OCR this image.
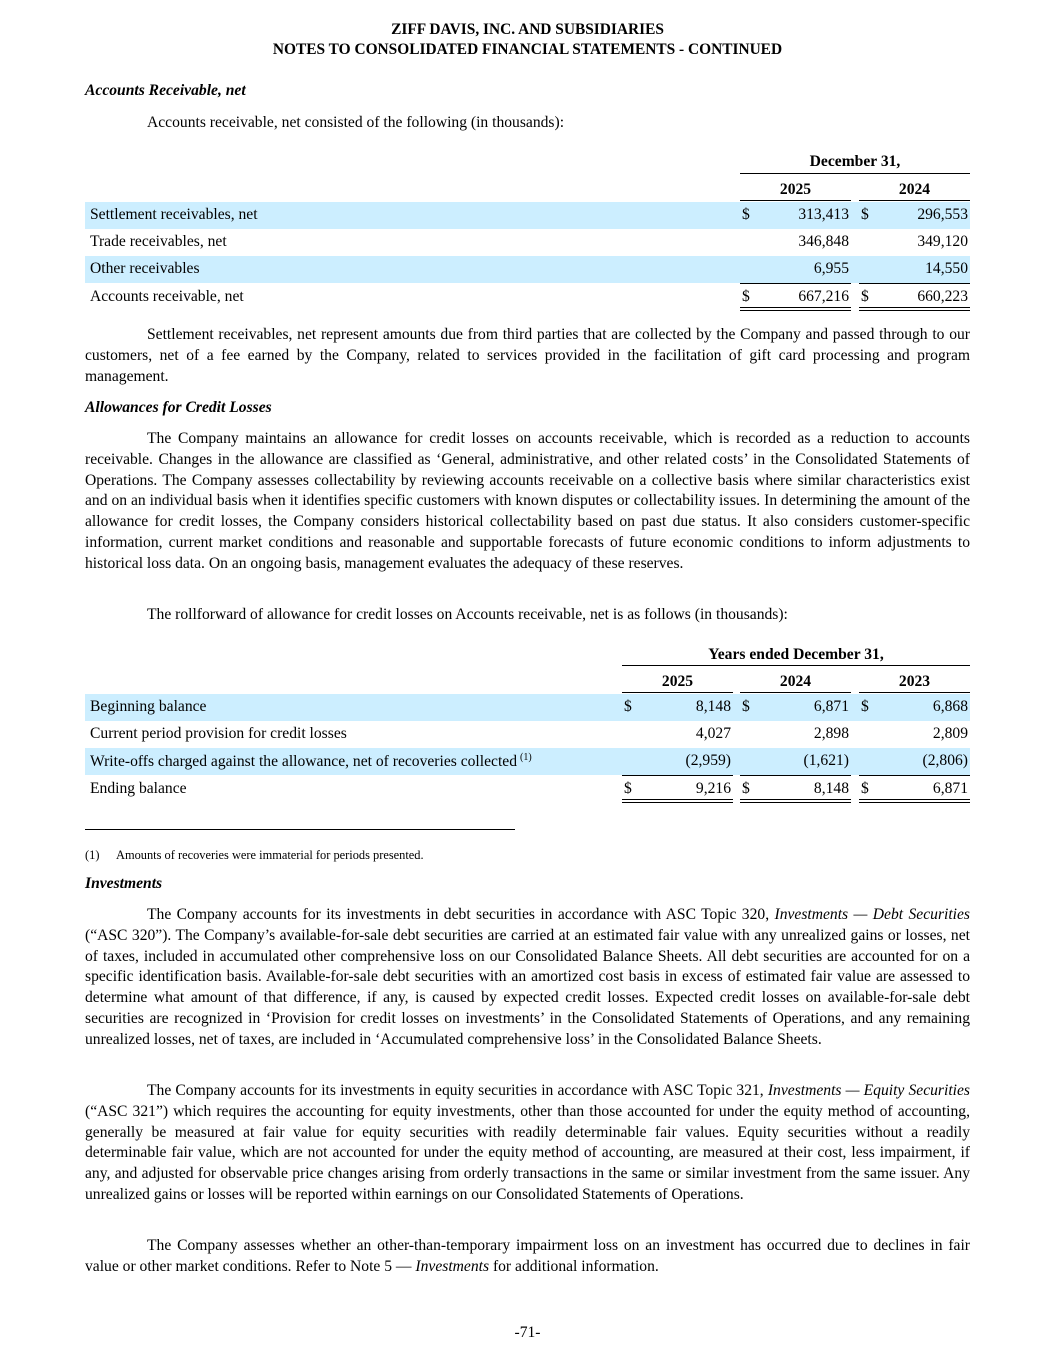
ZIFF DAVIS, INC. AND SUBSIDIARIES
NOTES TO CONSOLIDATED FINANCIAL STATEMENTS - CONTINUED
Accounts Receivable, net
Accounts receivable, net consisted of the following (in thousands):
December 31,
2025	2024
Settlement receivables, net	$	313,413 $	296,553
Trade receivables, net	346,848	349,120
Other receivables	6,955	14,550
Accounts receivable, net	$	667,216 $	660,223
Settlement receivables, net represent amounts due from third parties that are collected by the Company and passed through to our customers, net of a fee earned by the Company, related to services provided in the facilitation of gift card processing and program management.
Allowances for Credit Losses
The Company maintains an allowance for credit losses on accounts receivable, which is recorded as a reduction to accounts receivable. Changes in the allowance are classified as ‘General, administrative, and other related costs’ in the Consolidated Statements of Operations. The Company assesses collectability by reviewing accounts receivable on a collective basis where similar characteristics exist and on an individual basis when it identifies specific customers with known disputes or collectability issues. In determining the amount of the allowance for credit losses, the Company considers historical collectability based on past due status. It also considers customer-specific information, current market conditions and reasonable and supportable forecasts of future economic conditions to inform adjustments to historical loss data. On an ongoing basis, management evaluates the adequacy of these reserves.
The rollforward of allowance for credit losses on Accounts receivable, net is as follows (in thousands):
Years ended December 31,
2025	2024	2023
Beginning balance	$	8,148 $	6,871 $	6,868
Current period provision for credit losses	4,027	2,898	2,809
Write-offs charged against the allowance, net of recoveries collected $^{(1)}$	(2,959)	(1,621)	(2,806)
Ending balance	$	9,216 $	8,148 $	6,871
(1) Amounts of recoveries were immaterial for periods presented.
Investments
The Company accounts for its investments in debt securities in accordance with ASC Topic 320, Investments — Debt Securities (“ASC 320”). The Company’s available-for-sale debt securities are carried at an estimated fair value with any unrealized gains or losses, net of taxes, included in accumulated other comprehensive loss on our Consolidated Balance Sheets. All debt securities are accounted for on a specific identification basis. Available-for-sale debt securities with an amortized cost basis in excess of estimated fair value are assessed to determine what amount of that difference, if any, is caused by expected credit losses. Expected credit losses on available-for-sale debt securities are recognized in ‘Provision for credit losses on investments’ in the Consolidated Statements of Operations, and any remaining unrealized losses, net of taxes, are included in ‘Accumulated comprehensive loss’ in the Consolidated Balance Sheets.
The Company accounts for its investments in equity securities in accordance with ASC Topic 321, Investments — Equity Securities (“ASC 321”) which requires the accounting for equity investments, other than those accounted for under the equity method of accounting, generally be measured at fair value for equity securities with readily determinable fair values. Equity securities without a readily determinable fair value, which are not accounted for under the equity method of accounting, are measured at their cost, less impairment, if any, and adjusted for observable price changes arising from orderly transactions in the same or similar investment from the same issuer. Any unrealized gains or losses will be reported within earnings on our Consolidated Statements of Operations.
The Company assesses whether an other-than-temporary impairment loss on an investment has occurred due to declines in fair value or other market conditions. Refer to Note 5 — Investments for additional information.
-71-
